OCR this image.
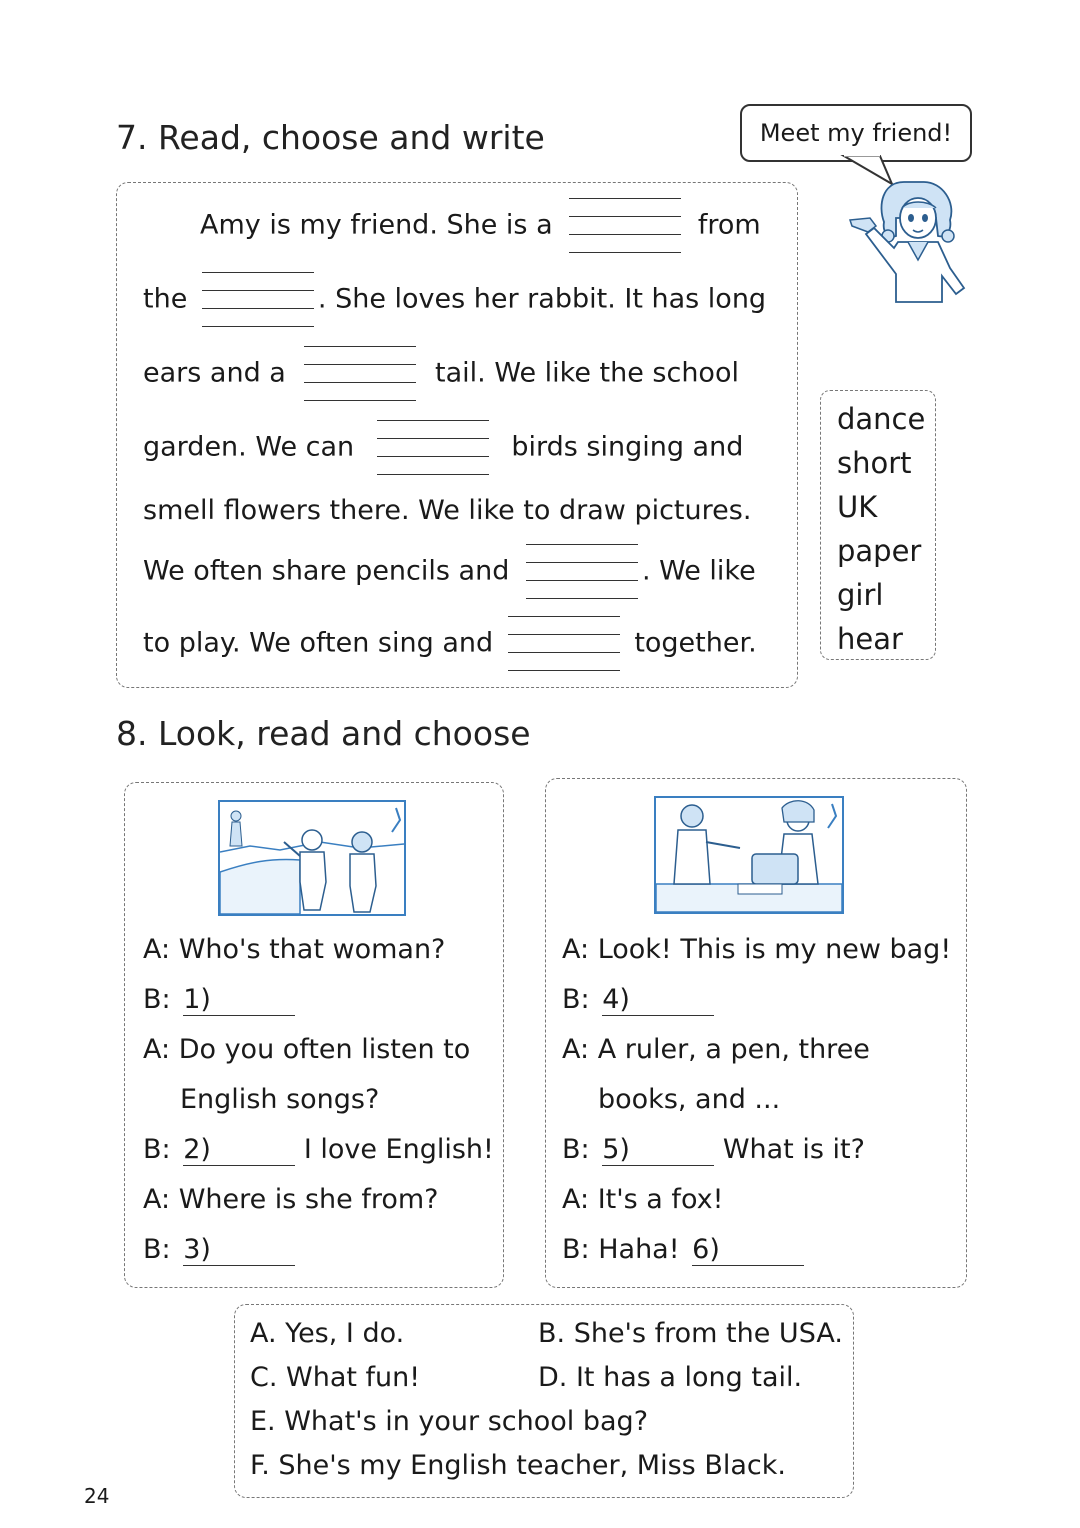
7. Read, choose and write	Meet my friend!
Amy is my friend. She is a	from
the	. She loves her rabbit. It has long
ears and a	tail. We like the school
garden. We can	birds singing and
smell flowers there. We like to draw pictures.
We often share pencils and	. We like
to play. We often sing and	together.
dance
short
UK
paper
girl
hear
8. Look, read and choose
A: Who's that woman?
B: 1)
A: Do you often listen to
English songs?
B: 2)	I love English!
A: Where is she from?
B: 3)
A: Look! This is my new bag!
B: 4)
A: A ruler, a pen, three
books, and ...
B: 5)	What is it?
A: It's a fox!
B: Haha! 6)
A. Yes, I do.	B. She's from the USA.
C. What fun!	D. It has a long tail.
E. What's in your school bag?
F. She's my English teacher, Miss Black.
24
